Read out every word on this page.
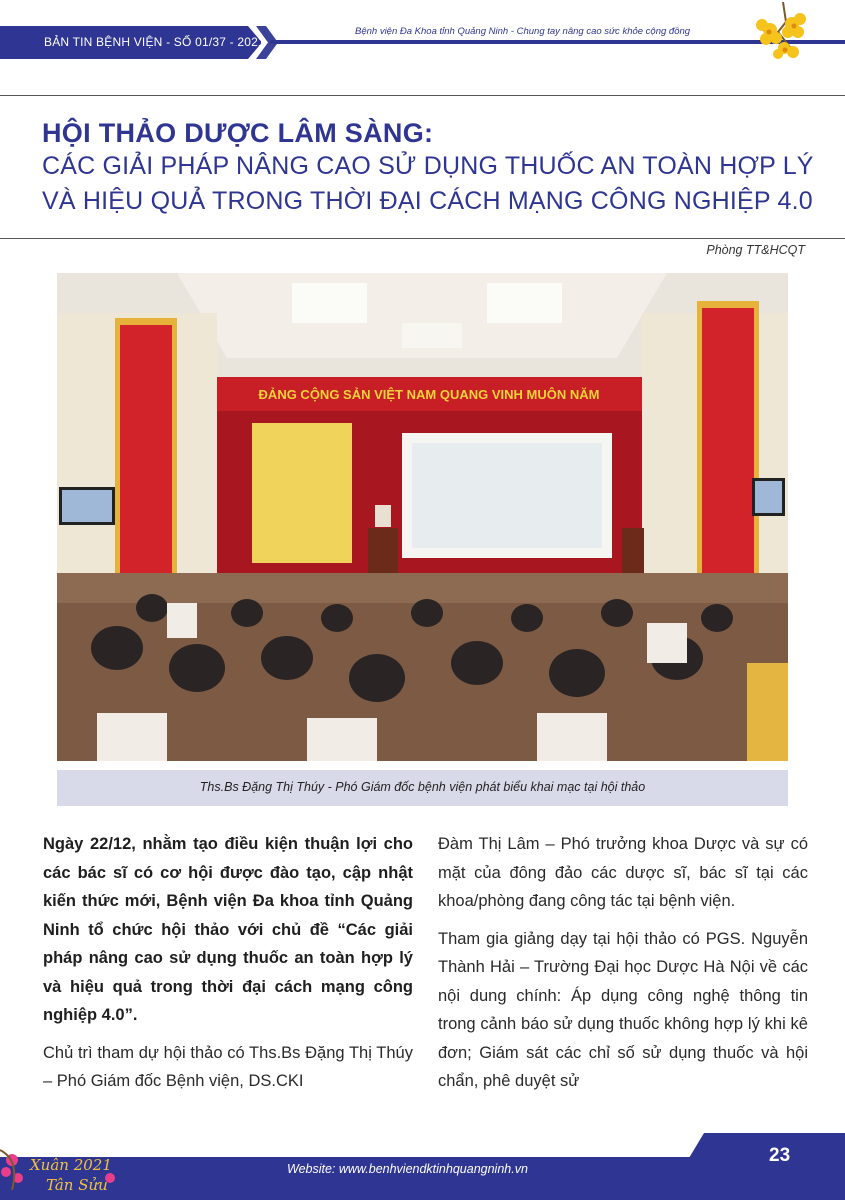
BẢN TIN BỆNH VIỆN - SỐ 01/37 - 2021
Bệnh viện Đa Khoa tỉnh Quảng Ninh - Chung tay nâng cao sức khỏe cộng đồng
HỘI THẢO DƯỢC LÂM SÀNG:
CÁC GIẢI PHÁP NÂNG CAO SỬ DỤNG THUỐC AN TOÀN HỢP LÝ
VÀ HIỆU QUẢ TRONG THỜI ĐẠI CÁCH MẠNG CÔNG NGHIỆP 4.0
Phòng TT&HCQT
ĐẢNG CỘNG SẢN VIỆT NAM QUANG VINH MUÔN NĂM
Ths.Bs Đặng Thị Thúy - Phó Giám đốc bệnh viện phát biểu khai mạc tại hội thảo

Ngày 22/12, nhằm tạo điều kiện thuận lợi cho các bác sĩ có cơ hội được đào tạo, cập nhật kiến thức mới, Bệnh viện Đa khoa tỉnh Quảng Ninh tổ chức hội thảo với chủ đề “Các giải pháp nâng cao sử dụng thuốc an toàn hợp lý và hiệu quả trong thời đại cách mạng công nghiệp 4.0”.

Chủ trì tham dự hội thảo có Ths.Bs Đặng Thị Thúy – Phó Giám đốc Bệnh viện, DS.CKI

Đàm Thị Lâm – Phó trưởng khoa Dược và sự có mặt của đông đảo các dược sĩ, bác sĩ tại các khoa/phòng đang công tác tại bệnh viện.

Tham gia giảng dạy tại hội thảo có PGS. Nguyễn Thành Hải – Trường Đại học Dược Hà Nội về các nội dung chính: Áp dụng công nghệ thông tin trong cảnh báo sử dụng thuốc không hợp lý khi kê đơn; Giám sát các chỉ số sử dụng thuốc và hội chẩn, phê duyệt sử

23
Website: www.benhviendktinhquangninh.vn
Xuân 2021
Tân Sửu
